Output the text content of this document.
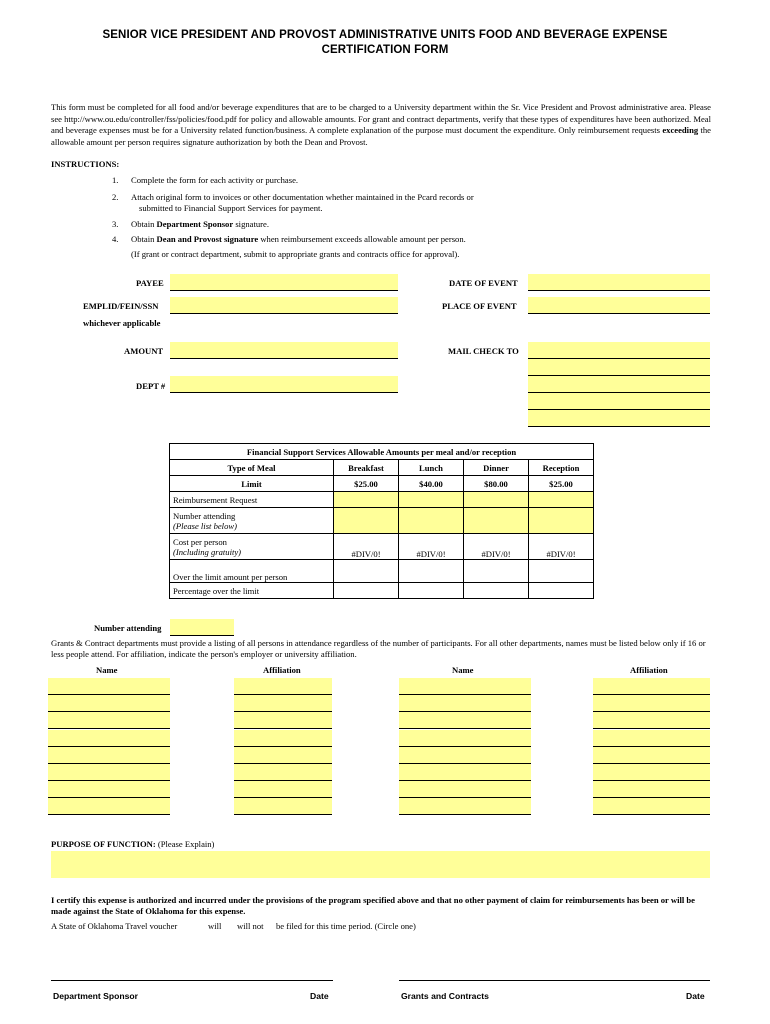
SENIOR VICE PRESIDENT AND PROVOST ADMINISTRATIVE UNITS FOOD AND BEVERAGE EXPENSE
CERTIFICATION FORM
This form must be completed for all food and/or beverage expenditures that are to be charged to a University department within the Sr. Vice President and Provost administrative area. Please see http://www.ou.edu/controller/fss/policies/food.pdf for policy and allowable amounts. For grant and contract departments, verify that these types of expenditures have been authorized. Meal and beverage expenses must be for a University related function/business. A complete explanation of the purpose must document the expenditure. Only reimbursement requests exceeding the allowable amount per person requires signature authorization by both the Dean and Provost.
INSTRUCTIONS:
1. Complete the form for each activity or purchase.
2. Attach original form to invoices or other documentation whether maintained in the Pcard records or
submitted to Financial Support Services for payment.
3. Obtain Department Sponsor signature.
4. Obtain Dean and Provost signature when reimbursement exceeds allowable amount per person.
(If grant or contract department, submit to appropriate grants and contracts office for approval).
PAYEE
EMPLID/FEIN/SSN
whichever applicable
AMOUNT
DEPT #
DATE OF EVENT
PLACE OF EVENT
MAIL CHECK TO
Financial Support Services Allowable Amounts per meal and/or reception				
Type of Meal	Breakfast	Lunch	Dinner	Reception
Limit	$25.00	$40.00	$80.00	$25.00
Reimbursement Request				
Number attending
(Please list below)				
Cost per person
(Including gratuity)	#DIV/0!	#DIV/0!	#DIV/0!	#DIV/0!
Over the limit amount per person				
Percentage over the limit				
Number attending
Grants & Contract departments must provide a listing of all persons in attendance regardless of the number of participants. For all other departments, names must be listed below only if 16 or less people attend. For affiliation, indicate the person's employer or university affiliation.
Name	Affiliation	Name	Affiliation
PURPOSE OF FUNCTION: (Please Explain)
I certify this expense is authorized and incurred under the provisions of the program specified above and that no other payment of claim for reimbursements has been or will be made against the State of Oklahoma for this expense.
A State of Oklahoma Travel voucher	will will not be filed for this time period. (Circle one)
Department Sponsor	Date	Grants and Contracts	Date
